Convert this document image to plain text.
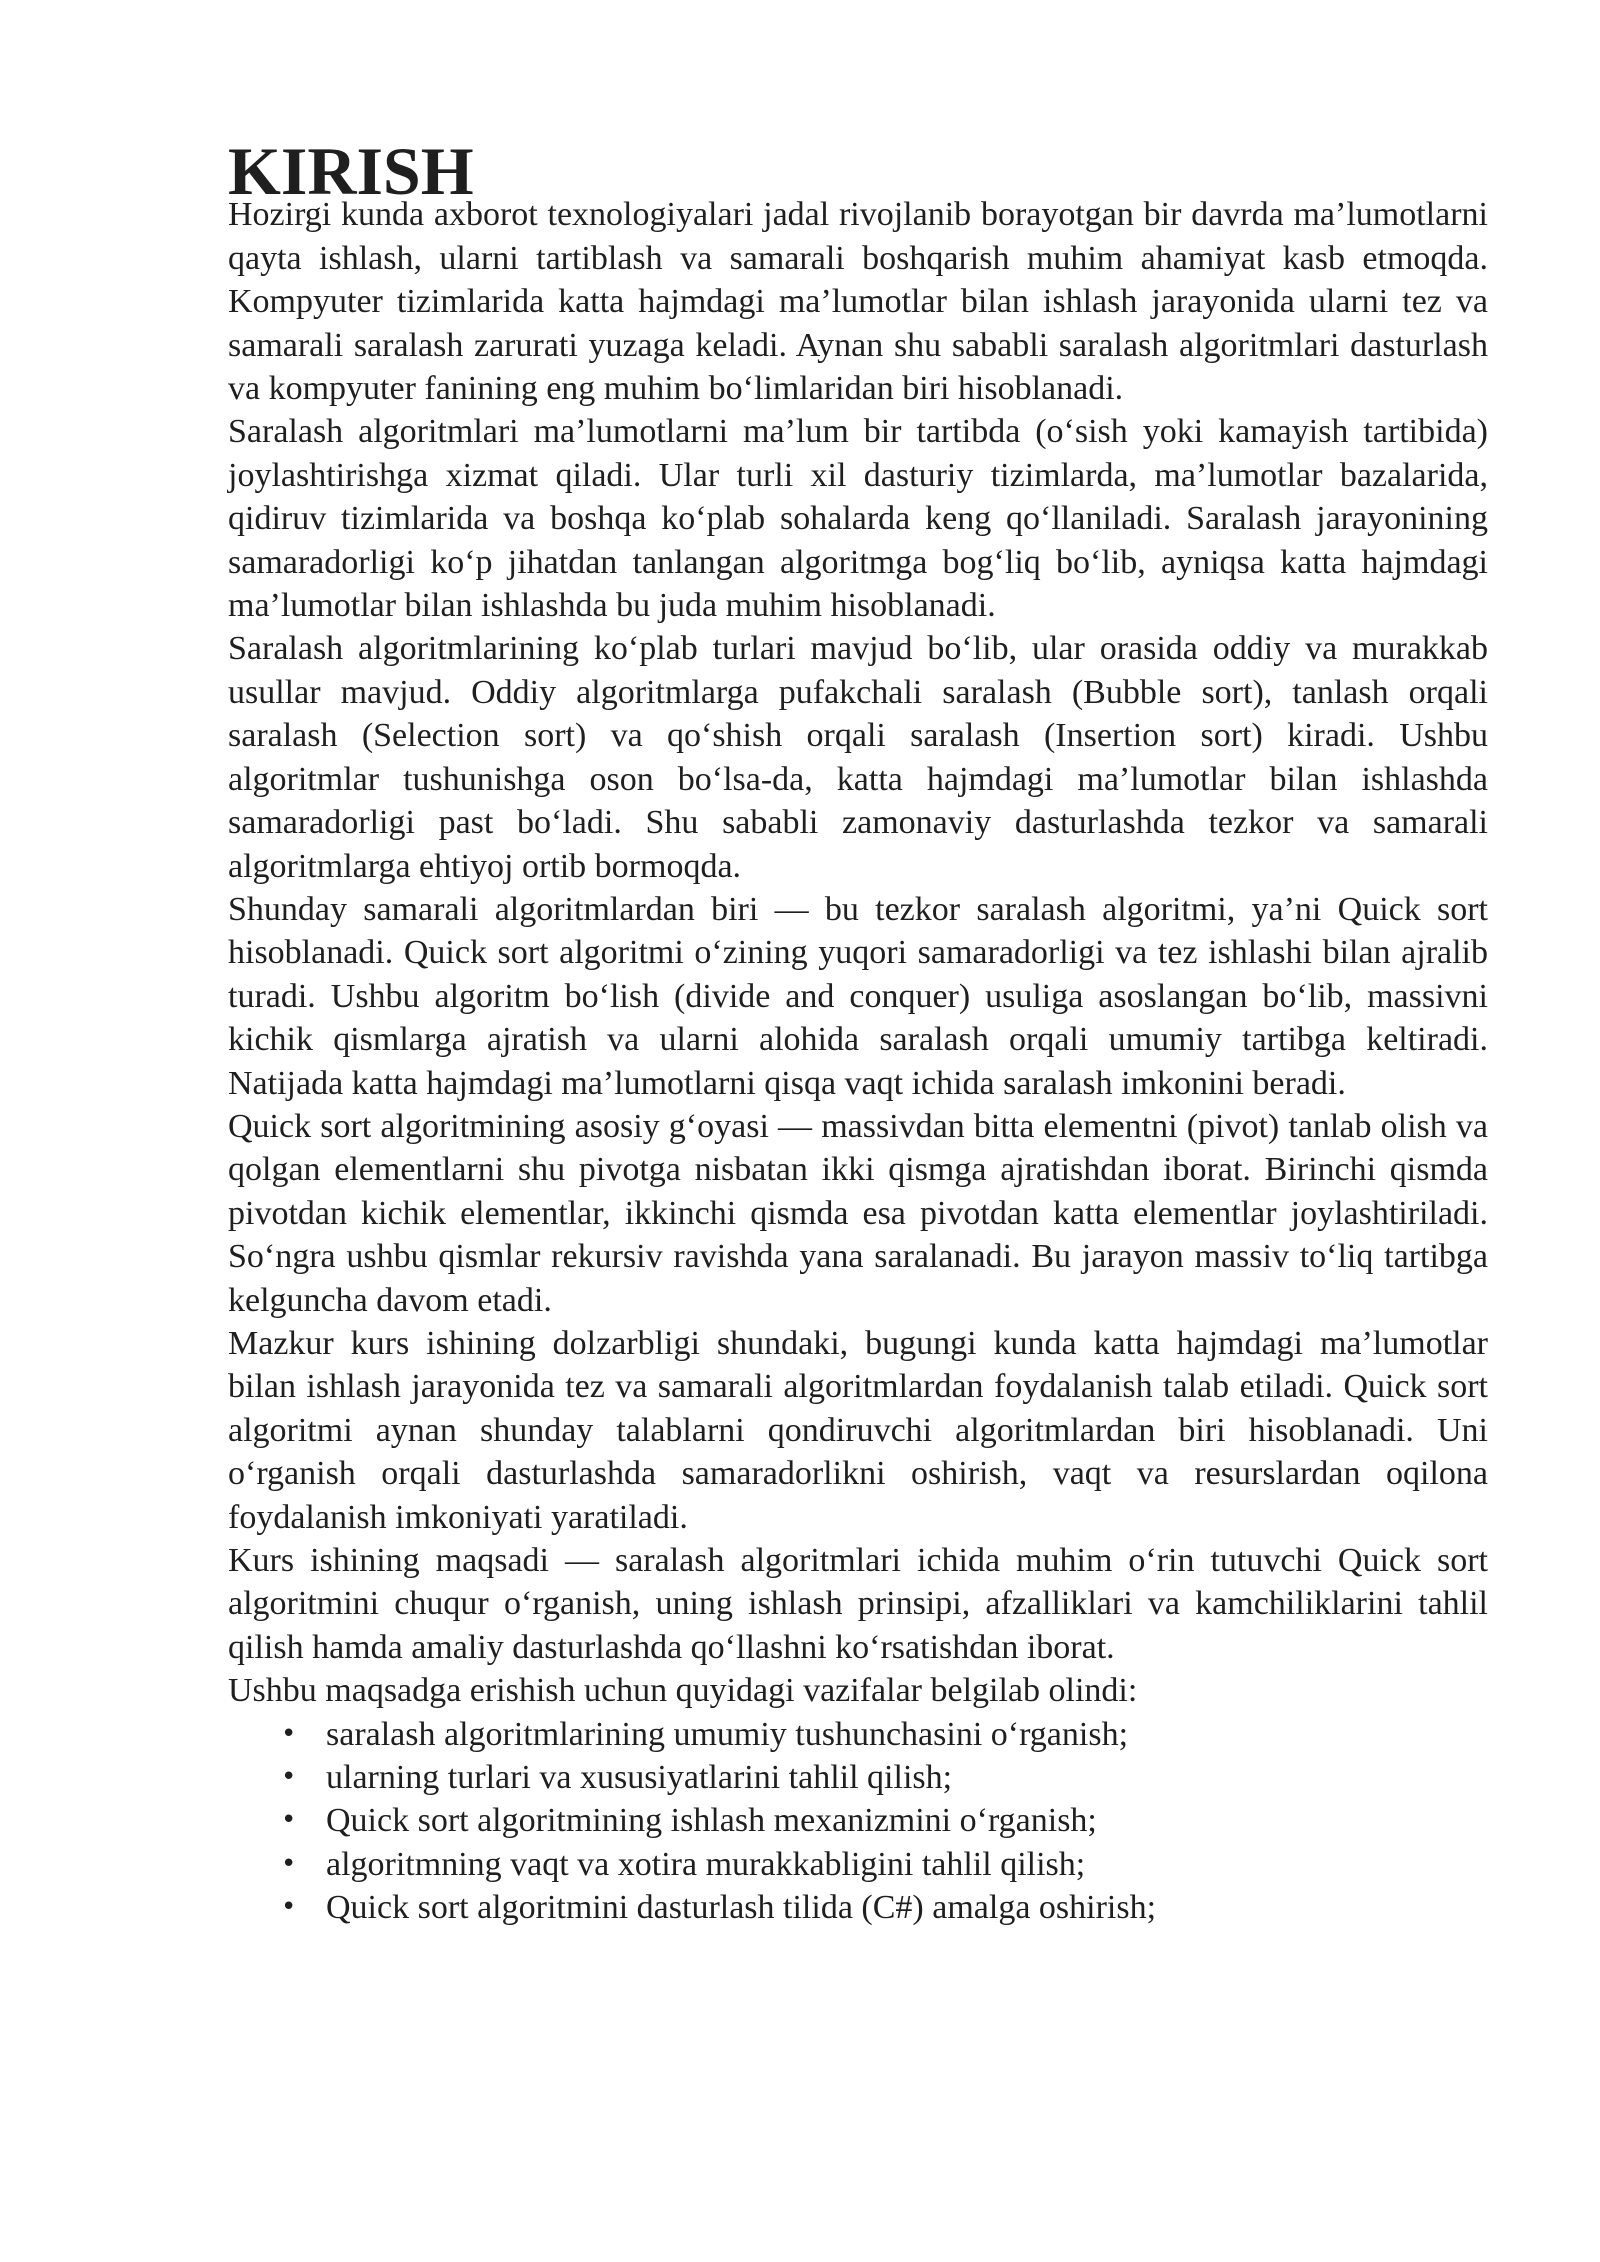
KIRISH

Hozirgi kunda axborot texnologiyalari jadal rivojlanib borayotgan bir davrda ma’lumotlarni qayta ishlash, ularni tartiblash va samarali boshqarish muhim ahamiyat kasb etmoqda. Kompyuter tizimlarida katta hajmdagi ma’lumotlar bilan ishlash jarayonida ularni tez va samarali saralash zarurati yuzaga keladi. Aynan shu sababli saralash algoritmlari dasturlash va kompyuter fanining eng muhim bo‘limlaridan biri hisoblanadi.

Saralash algoritmlari ma’lumotlarni ma’lum bir tartibda (o‘sish yoki kamayish tartibida) joylashtirishga xizmat qiladi. Ular turli xil dasturiy tizimlarda, ma’lumotlar bazalarida, qidiruv tizimlarida va boshqa ko‘plab sohalarda keng qo‘llaniladi. Saralash jarayonining samaradorligi ko‘p jihatdan tanlangan algoritmga bog‘liq bo‘lib, ayniqsa katta hajmdagi ma’lumotlar bilan ishlashda bu juda muhim hisoblanadi.

Saralash algoritmlarining ko‘plab turlari mavjud bo‘lib, ular orasida oddiy va murakkab usullar mavjud. Oddiy algoritmlarga pufakchali saralash (Bubble sort), tanlash orqali saralash (Selection sort) va qo‘shish orqali saralash (Insertion sort) kiradi. Ushbu algoritmlar tushunishga oson bo‘lsa-da, katta hajmdagi ma’lumotlar bilan ishlashda samaradorligi past bo‘ladi. Shu sababli zamonaviy dasturlashda tezkor va samarali algoritmlarga ehtiyoj ortib bormoqda.

Shunday samarali algoritmlardan biri — bu tezkor saralash algoritmi, ya’ni Quick sort hisoblanadi. Quick sort algoritmi o‘zining yuqori samaradorligi va tez ishlashi bilan ajralib turadi. Ushbu algoritm bo‘lish (divide and conquer) usuliga asoslangan bo‘lib, massivni kichik qismlarga ajratish va ularni alohida saralash orqali umumiy tartibga keltiradi. Natijada katta hajmdagi ma’lumotlarni qisqa vaqt ichida saralash imkonini beradi.

Quick sort algoritmining asosiy g‘oyasi — massivdan bitta elementni (pivot) tanlab olish va qolgan elementlarni shu pivotga nisbatan ikki qismga ajratishdan iborat. Birinchi qismda pivotdan kichik elementlar, ikkinchi qismda esa pivotdan katta elementlar joylashtiriladi. So‘ngra ushbu qismlar rekursiv ravishda yana saralanadi. Bu jarayon massiv to‘liq tartibga kelguncha davom etadi.

Mazkur kurs ishining dolzarbligi shundaki, bugungi kunda katta hajmdagi ma’lumotlar bilan ishlash jarayonida tez va samarali algoritmlardan foydalanish talab etiladi. Quick sort algoritmi aynan shunday talablarni qondiruvchi algoritmlardan biri hisoblanadi. Uni o‘rganish orqali dasturlashda samaradorlikni oshirish, vaqt va resurslardan oqilona foydalanish imkoniyati yaratiladi.

Kurs ishining maqsadi — saralash algoritmlari ichida muhim o‘rin tutuvchi Quick sort algoritmini chuqur o‘rganish, uning ishlash prinsipi, afzalliklari va kamchiliklarini tahlil qilish hamda amaliy dasturlashda qo‘llashni ko‘rsatishdan iborat.

Ushbu maqsadga erishish uchun quyidagi vazifalar belgilab olindi:

• saralash algoritmlarining umumiy tushunchasini o‘rganish;
• ularning turlari va xususiyatlarini tahlil qilish;
• Quick sort algoritmining ishlash mexanizmini o‘rganish;
• algoritmning vaqt va xotira murakkabligini tahlil qilish;
• Quick sort algoritmini dasturlash tilida (C#) amalga oshirish;
